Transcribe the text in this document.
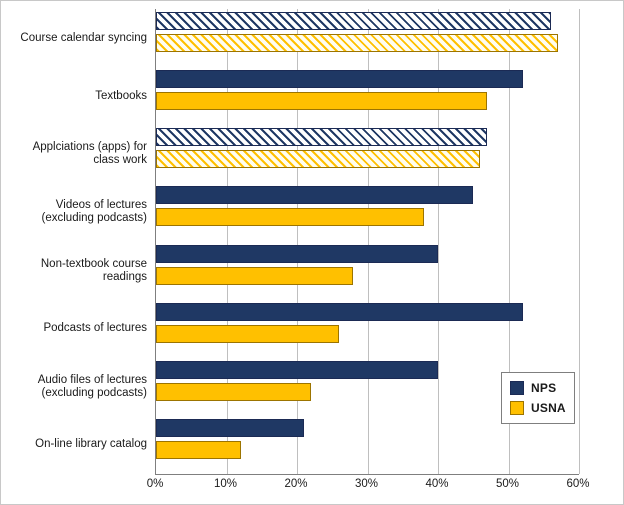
Course calendar syncing
Textbooks
Applciations (apps) for
class work
Videos of lectures
(excluding podcasts)
Non-textbook course
readings
Podcasts of lectures
Audio files of lectures
(excluding podcasts)
On-line library catalog
0%	10%	20%	30%	40%	50%	60%
NPS
USNA
